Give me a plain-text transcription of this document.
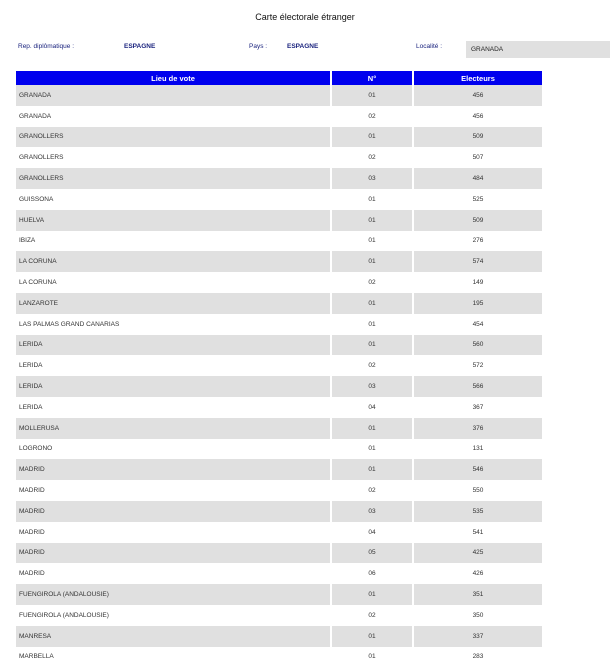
Carte électorale étranger
Rep. diplômatique :	ESPAGNE	Pays :	ESPAGNE	Localité :	GRANADA
Lieu de vote	N°	Electeurs
GRANADA	01	456
GRANADA	02	456
GRANOLLERS	01	509
GRANOLLERS	02	507
GRANOLLERS	03	484
GUISSONA	01	525
HUELVA	01	509
IBIZA	01	276
LA CORUNA	01	574
LA CORUNA	02	149
LANZAROTE	01	195
LAS PALMAS GRAND CANARIAS	01	454
LERIDA	01	560
LERIDA	02	572
LERIDA	03	566
LERIDA	04	367
MOLLERUSA	01	376
LOGRONO	01	131
MADRID	01	546
MADRID	02	550
MADRID	03	535
MADRID	04	541
MADRID	05	425
MADRID	06	426
FUENGIROLA (ANDALOUSIE)	01	351
FUENGIROLA (ANDALOUSIE)	02	350
MANRESA	01	337
MARBELLA	01	283
